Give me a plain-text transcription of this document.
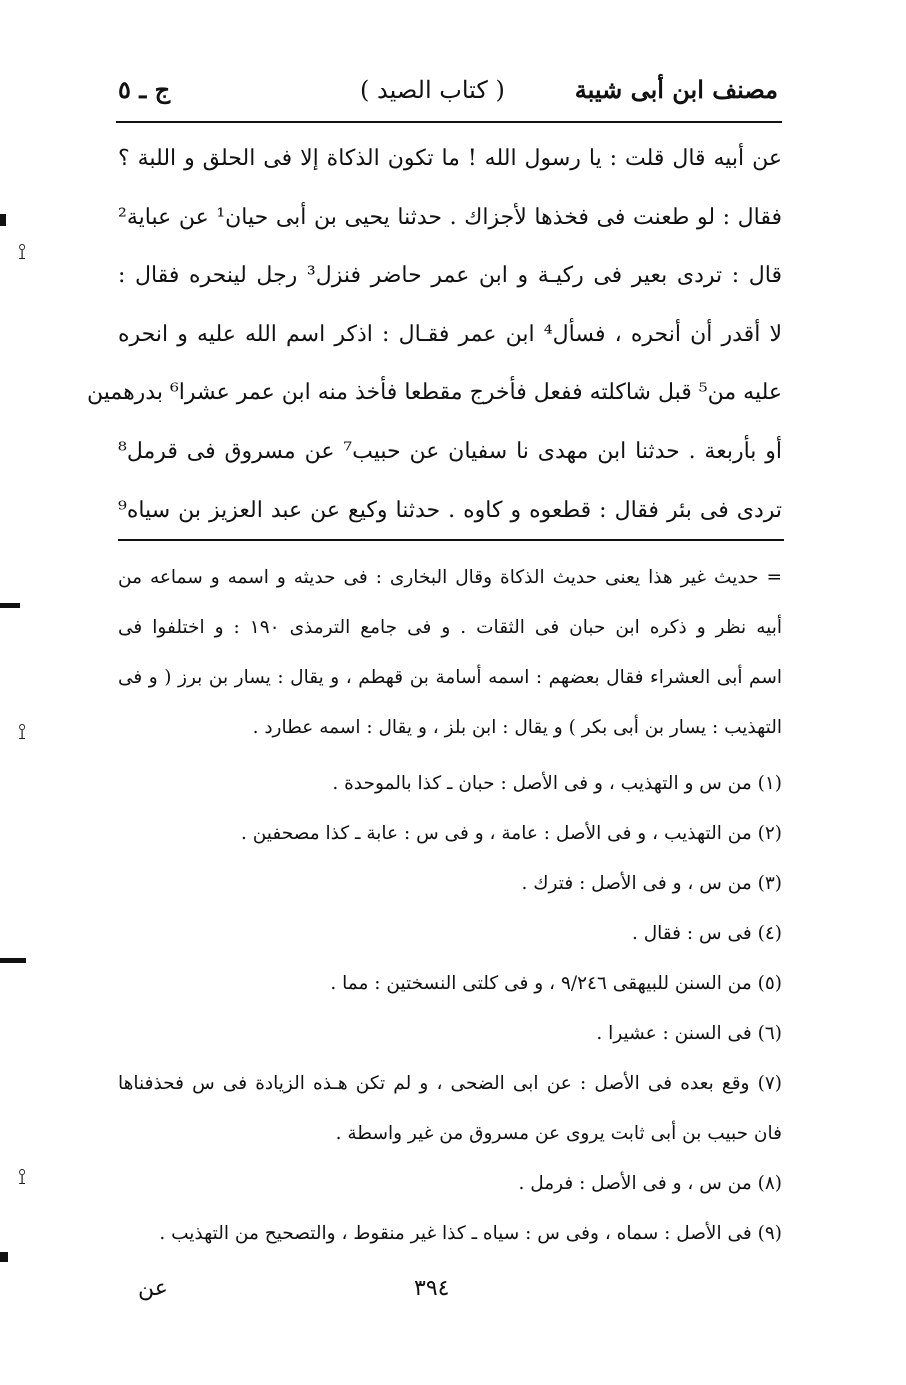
مصنف ابن أبى شيبة
( كتاب الصيد )
ج ـ ٥
عن أبيه قال قلت : يا رسول الله ! ما تكون الذكاة إلا فى الحلق و اللبة ؟
فقال : لو طعنت فى فخذها لأجزاك . حدثنا يحيى بن أبى حيان¹ عن عباية²
قال : تردى بعير فى ركيـة و ابن عمر حاضر فنزل³ رجل لينحره فقال :
لا أقدر أن أنحره ، فسأل⁴ ابن عمر فقـال : اذكر اسم الله عليه و انحره
عليه من⁵ قبل شاكلته ففعل فأخرج مقطعا فأخذ منه ابن عمر عشرا⁶ بدرهمين
أو بأربعة . حدثنا ابن مهدى نا سفيان عن حبيب⁷ عن مسروق فى قرمل⁸
تردى فى بئر فقال : قطعوه و كاوه . حدثنا وكيع عن عبد العزيز بن سياه⁹
= حديث غير هذا يعنى حديث الذكاة وقال البخارى : فى حديثه و اسمه و سماعه من
أبيه نظر و ذكره ابن حبان فى الثقات . و فى جامع الترمذى ١٩٠ : و اختلفوا فى
اسم أبى العشراء فقال بعضهم : اسمه أسامة بن قهطم ، و يقال : يسار بن برز ( و فى
التهذيب : يسار بن أبى بكر ) و يقال : ابن بلز ، و يقال : اسمه عطارد .
(١) من س و التهذيب ، و فى الأصل : حبان ـ كذا بالموحدة .
(٢) من التهذيب ، و فى الأصل : عامة ، و فى س : عابة ـ كذا مصحفين .
(٣) من س ، و فى الأصل : فترك .
(٤) فى س : فقال .
(٥) من السنن للبيهقى ٩/٢٤٦ ، و فى كلتى النسختين : مما .
(٦) فى السنن : عشيرا .
(٧) وقع بعده فى الأصل : عن ابى الضحى ، و لم تكن هـذه الزيادة فى س فحذفناها
فان حبيب بن أبى ثابت يروى عن مسروق من غير واسطة .
(٨) من س ، و فى الأصل : فرمل .
(٩) فى الأصل : سماه ، وفى س : سياه ـ كذا غير منقوط ، والتصحيح من التهذيب .
٣٩٤
عن
⟟
⟟
⟟
